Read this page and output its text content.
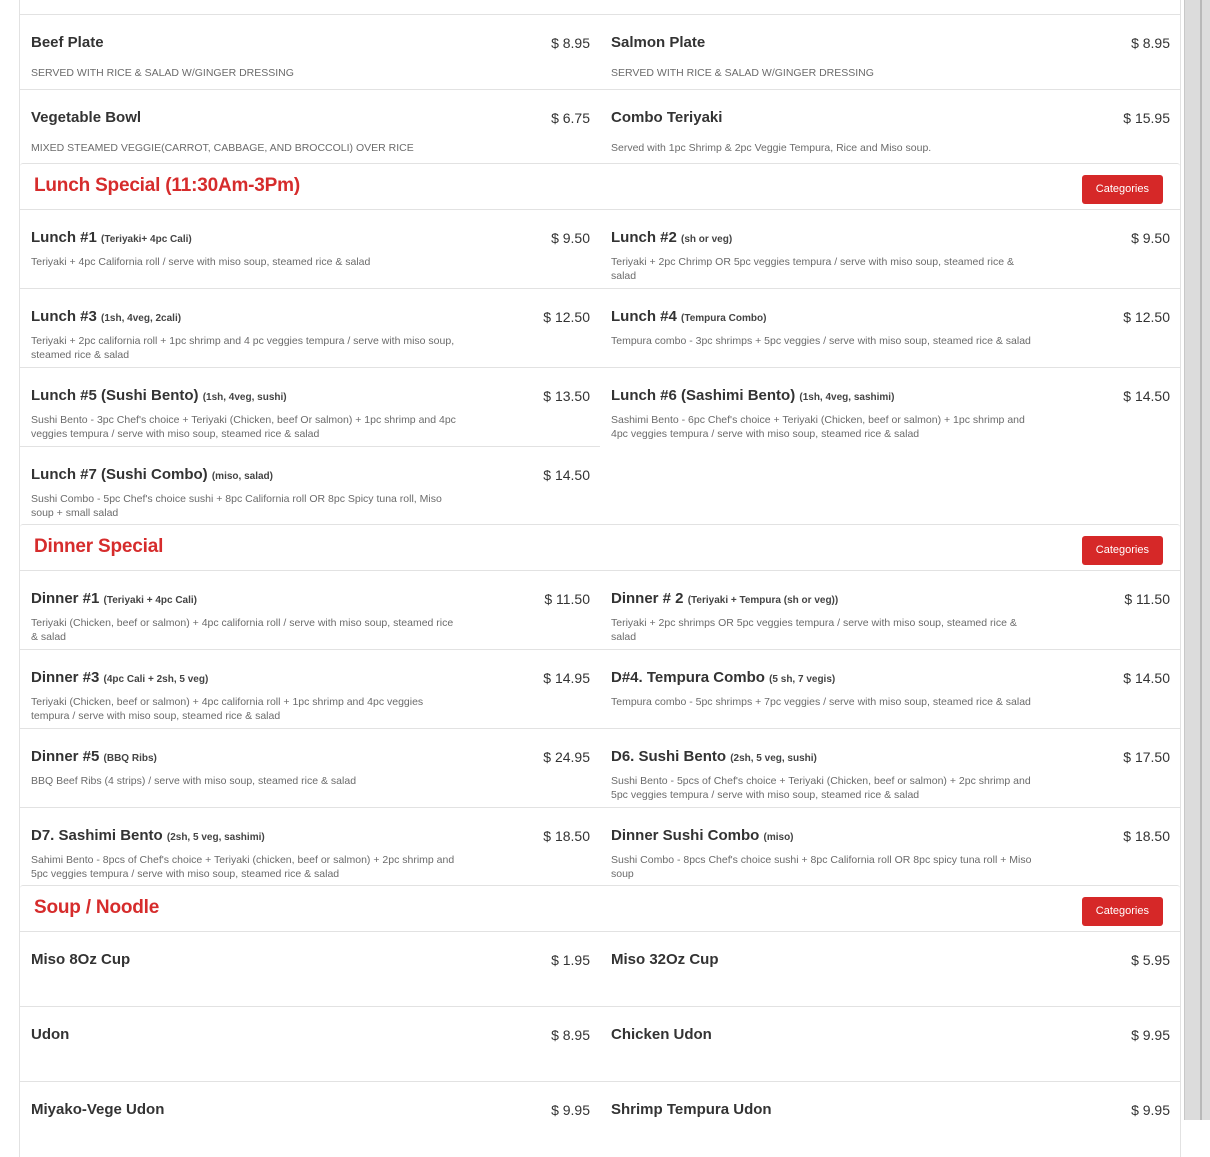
Beef Plate	$ 8.95
SERVED WITH RICE & SALAD W/GINGER DRESSING
Salmon Plate	$ 8.95
SERVED WITH RICE & SALAD W/GINGER DRESSING
Vegetable Bowl	$ 6.75
MIXED STEAMED VEGGIE(CARROT, CABBAGE, AND BROCCOLI) OVER RICE
Combo Teriyaki	$ 15.95
Served with 1pc Shrimp & 2pc Veggie Tempura, Rice and Miso soup.
Lunch Special (11:30Am-3Pm)	Categories
Lunch #1 (Teriyaki+ 4pc Cali)	$ 9.50
Teriyaki + 4pc California roll / serve with miso soup, steamed rice & salad
Lunch #2 (sh or veg)	$ 9.50
Teriyaki + 2pc Chrimp OR 5pc veggies tempura / serve with miso soup, steamed rice & salad
Lunch #3 (1sh, 4veg, 2cali)	$ 12.50
Teriyaki + 2pc california roll + 1pc shrimp and 4 pc veggies tempura / serve with miso soup, steamed rice & salad
Lunch #4 (Tempura Combo)	$ 12.50
Tempura combo - 3pc shrimps + 5pc veggies / serve with miso soup, steamed rice & salad
Lunch #5 (Sushi Bento) (1sh, 4veg, sushi)	$ 13.50
Sushi Bento - 3pc Chef's choice + Teriyaki (Chicken, beef Or salmon) + 1pc shrimp and 4pc veggies tempura / serve with miso soup, steamed rice & salad
Lunch #6 (Sashimi Bento) (1sh, 4veg, sashimi)	$ 14.50
Sashimi Bento - 6pc Chef's choice + Teriyaki (Chicken, beef or salmon) + 1pc shrimp and 4pc veggies tempura / serve with miso soup, steamed rice & salad
Lunch #7 (Sushi Combo) (miso, salad)	$ 14.50
Sushi Combo - 5pc Chef's choice sushi + 8pc California roll OR 8pc Spicy tuna roll, Miso soup + small salad
Dinner Special	Categories
Dinner #1 (Teriyaki + 4pc Cali)	$ 11.50
Teriyaki (Chicken, beef or salmon) + 4pc california roll / serve with miso soup, steamed rice & salad
Dinner # 2 (Teriyaki + Tempura (sh or veg))	$ 11.50
Teriyaki + 2pc shrimps OR 5pc veggies tempura / serve with miso soup, steamed rice & salad
Dinner #3 (4pc Cali + 2sh, 5 veg)	$ 14.95
Teriyaki (Chicken, beef or salmon) + 4pc california roll + 1pc shrimp and 4pc veggies tempura / serve with miso soup, steamed rice & salad
D#4. Tempura Combo (5 sh, 7 vegis)	$ 14.50
Tempura combo - 5pc shrimps + 7pc veggies / serve with miso soup, steamed rice & salad
Dinner #5 (BBQ Ribs)	$ 24.95
BBQ Beef Ribs (4 strips) / serve with miso soup, steamed rice & salad
D6. Sushi Bento (2sh, 5 veg, sushi)	$ 17.50
Sushi Bento - 5pcs of Chef's choice + Teriyaki (Chicken, beef or salmon) + 2pc shrimp and 5pc veggies tempura / serve with miso soup, steamed rice & salad
D7. Sashimi Bento (2sh, 5 veg, sashimi)	$ 18.50
Sahimi Bento - 8pcs of Chef's choice + Teriyaki (chicken, beef or salmon) + 2pc shrimp and 5pc veggies tempura / serve with miso soup, steamed rice & salad
Dinner Sushi Combo (miso)	$ 18.50
Sushi Combo - 8pcs Chef's choice sushi + 8pc California roll OR 8pc spicy tuna roll + Miso soup
Soup / Noodle	Categories
Miso 8Oz Cup	$ 1.95 Miso 32Oz Cup	$ 5.95
Udon	$ 8.95 Chicken Udon	$ 9.95
Miyako-Vege Udon	$ 9.95 Shrimp Tempura Udon	$ 9.95
